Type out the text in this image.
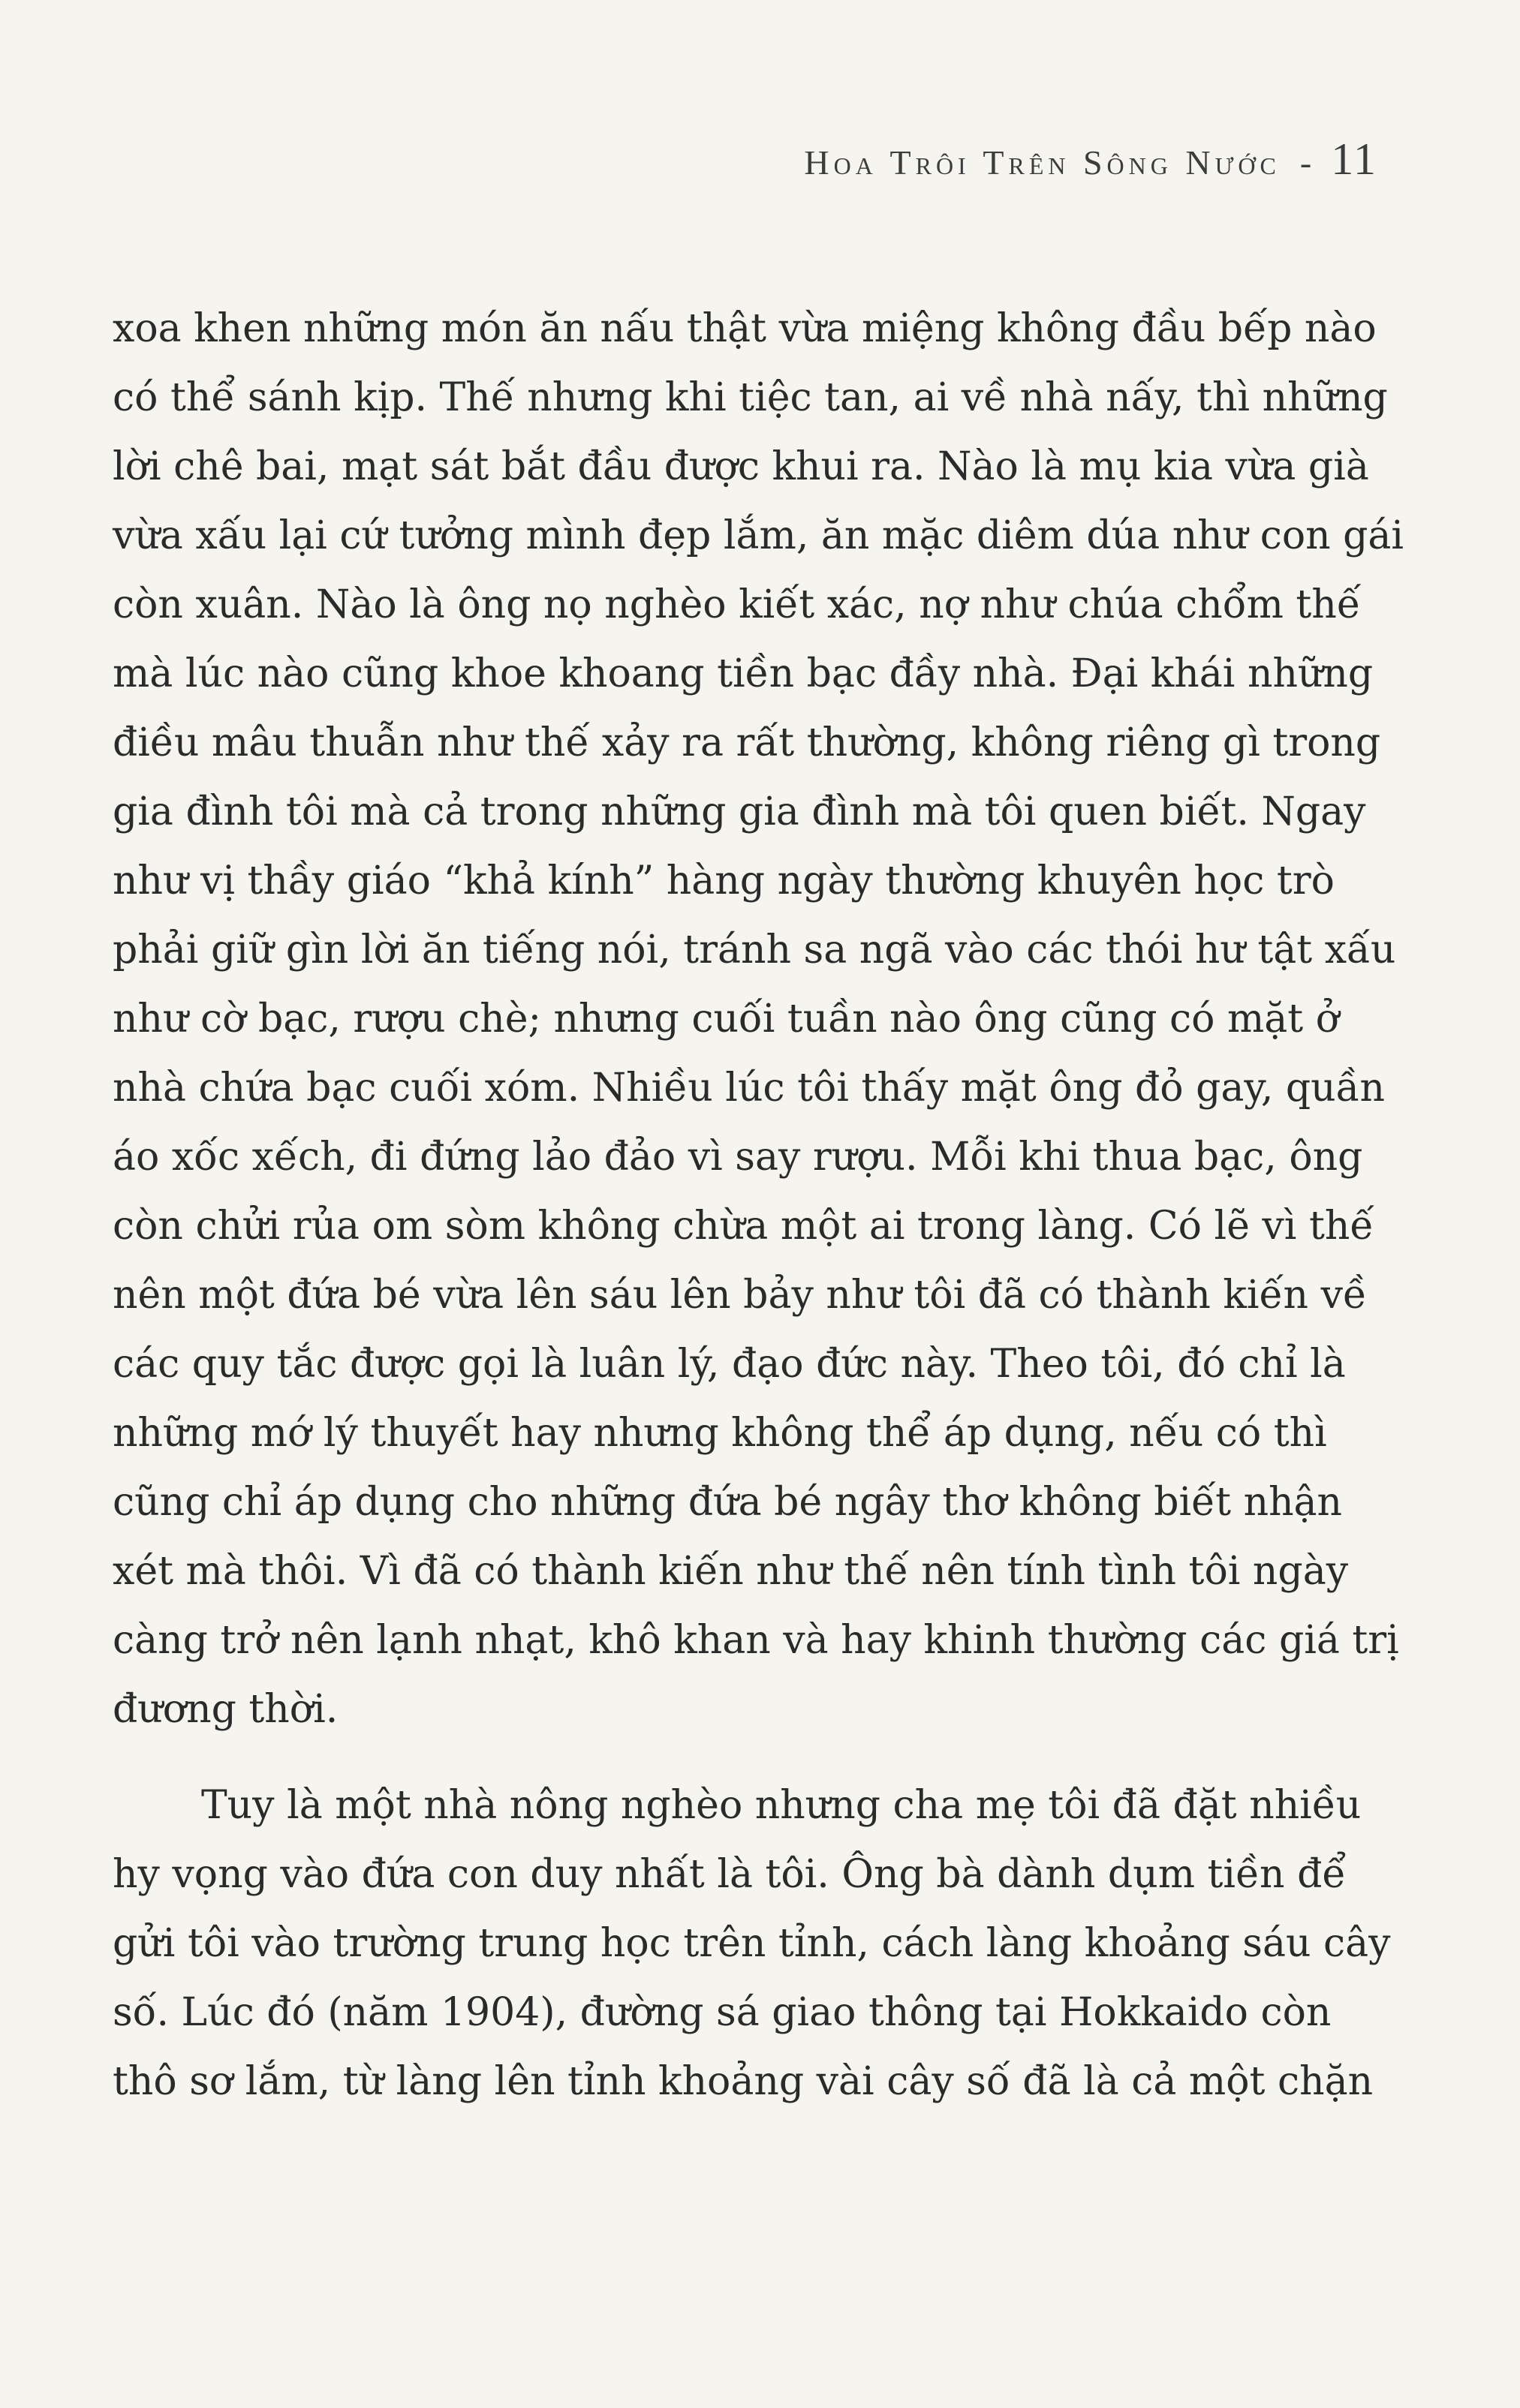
Hoa Trôi Trên Sông Nước - 11

xoa khen những món ăn nấu thật vừa miệng không đầu bếp nào
có thể sánh kịp. Thế nhưng khi tiệc tan, ai về nhà nấy, thì những
lời chê bai, mạt sát bắt đầu được khui ra. Nào là mụ kia vừa già
vừa xấu lại cứ tưởng mình đẹp lắm, ăn mặc diêm dúa như con gái
còn xuân. Nào là ông nọ nghèo kiết xác, nợ như chúa chổm thế
mà lúc nào cũng khoe khoang tiền bạc đầy nhà. Đại khái những
điều mâu thuẫn như thế xảy ra rất thường, không riêng gì trong
gia đình tôi mà cả trong những gia đình mà tôi quen biết. Ngay
như vị thầy giáo “khả kính” hàng ngày thường khuyên học trò
phải giữ gìn lời ăn tiếng nói, tránh sa ngã vào các thói hư tật xấu
như cờ bạc, rượu chè; nhưng cuối tuần nào ông cũng có mặt ở
nhà chứa bạc cuối xóm. Nhiều lúc tôi thấy mặt ông đỏ gay, quần
áo xốc xếch, đi đứng lảo đảo vì say rượu. Mỗi khi thua bạc, ông
còn chửi rủa om sòm không chừa một ai trong làng. Có lẽ vì thế
nên một đứa bé vừa lên sáu lên bảy như tôi đã có thành kiến về
các quy tắc được gọi là luân lý, đạo đức này. Theo tôi, đó chỉ là
những mớ lý thuyết hay nhưng không thể áp dụng, nếu có thì
cũng chỉ áp dụng cho những đứa bé ngây thơ không biết nhận
xét mà thôi. Vì đã có thành kiến như thế nên tính tình tôi ngày
càng trở nên lạnh nhạt, khô khan và hay khinh thường các giá trị
đương thời.

Tuy là một nhà nông nghèo nhưng cha mẹ tôi đã đặt nhiều
hy vọng vào đứa con duy nhất là tôi. Ông bà dành dụm tiền để
gửi tôi vào trường trung học trên tỉnh, cách làng khoảng sáu cây
số. Lúc đó (năm 1904), đường sá giao thông tại Hokkaido còn
thô sơ lắm, từ làng lên tỉnh khoảng vài cây số đã là cả một chặn
